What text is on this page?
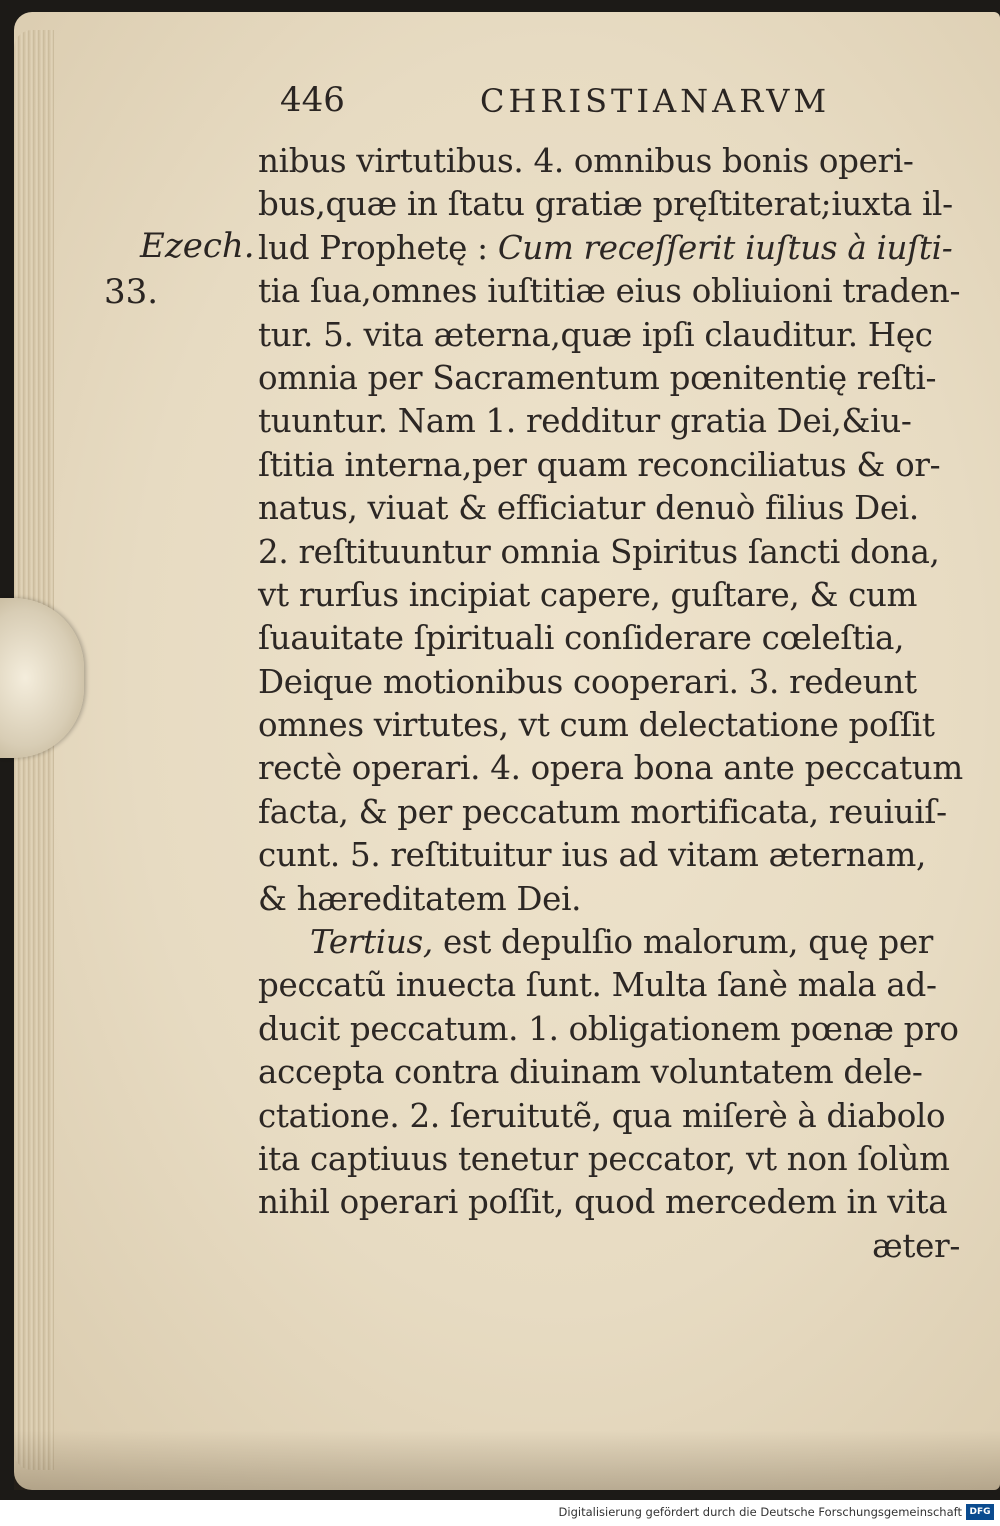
446	CHRISTIANARVM
Ezech.
33.
nibus virtutibus. 4. omnibus bonis operi-
bus,quæ in ſtatu gratiæ pręſtiterat;iuxta il-
lud Prophetę : Cum receſſerit iuſtus à iuſti-
tia ſua,omnes iuſtitiæ eius obliuioni traden-
tur. 5. vita æterna,quæ ipſi clauditur. Hęc
omnia per Sacramentum pœnitentię reſti-
tuuntur. Nam 1. redditur gratia Dei,&iu-
ſtitia interna,per quam reconciliatus & or-
natus, viuat & efficiatur denuò filius Dei.
2. reſtituuntur omnia Spiritus ſancti dona,
vt rurſus incipiat capere, guſtare, & cum
ſuauitate ſpirituali conſiderare cœleſtia,
Deique motionibus cooperari. 3. redeunt
omnes virtutes, vt cum delectatione poſſit
rectè operari. 4. opera bona ante peccatum
facta, & per peccatum mortificata, reuiuiſ-
cunt. 5. reſtituitur ius ad vitam æternam,
& hæreditatem Dei.
Tertius, est depulſio malorum, quę per
peccatũ inuecta ſunt. Multa ſanè mala ad-
ducit peccatum. 1. obligationem pœnæ pro
accepta contra diuinam voluntatem dele-
ctatione. 2. ſeruitutẽ, qua miſerè à diabolo
ita captiuus tenetur peccator, vt non ſolùm
nihil operari poſſit, quod mercedem in vita
æter-
Digitalisierung gefördert durch die Deutsche Forschungsgemeinschaft DFG
